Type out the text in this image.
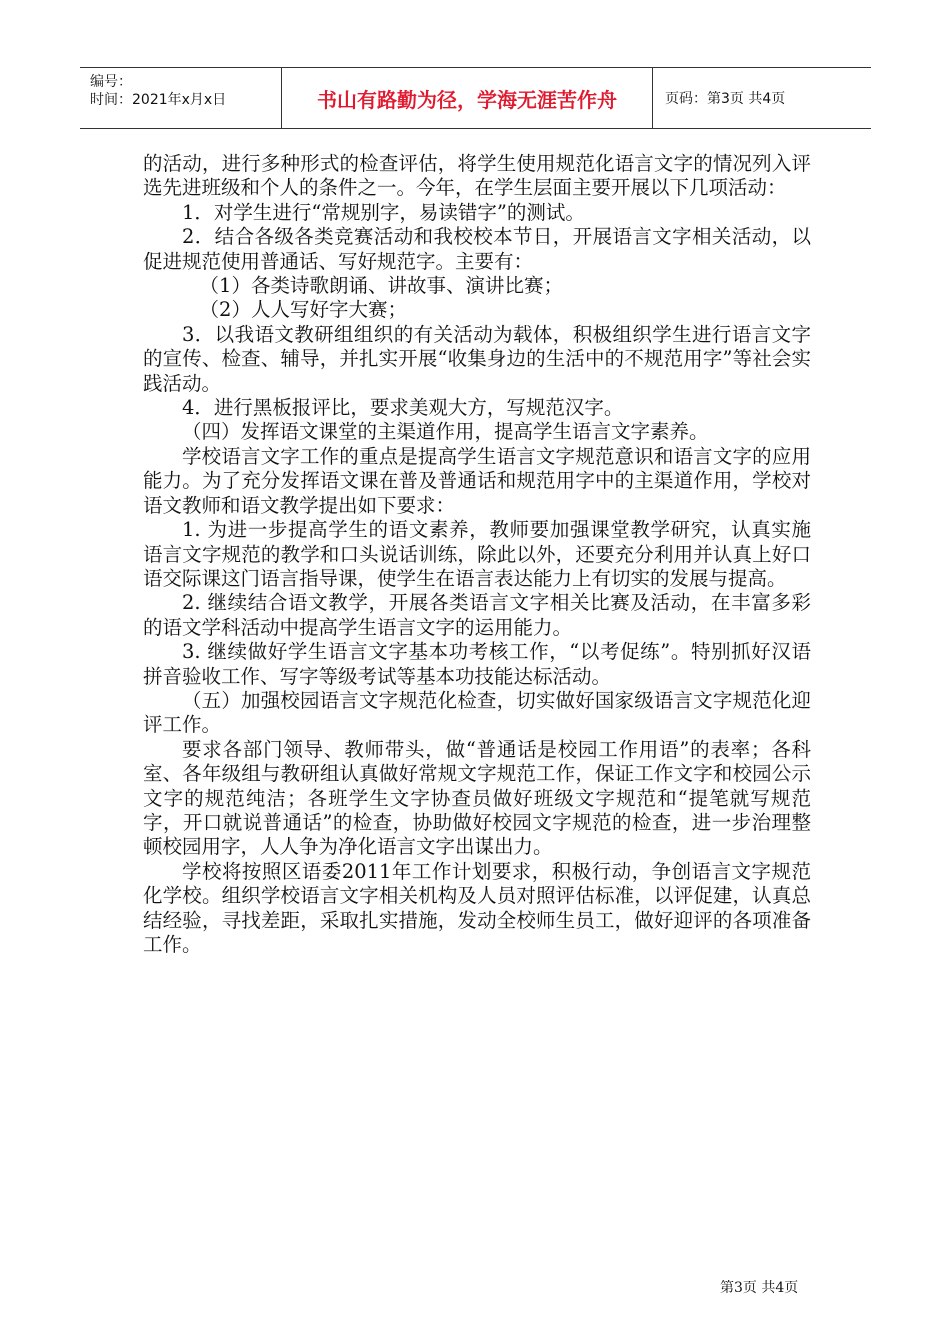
编号：
时间：2021年x月x日	书山有路勤为径，学海无涯苦作舟	页码：第3页 共4页

的活动，进行多种形式的检查评估，将学生使用规范化语言文字的情况列入评选先进班级和个人的条件之一。今年，在学生层面主要开展以下几项活动：

1．对学生进行“常规别字，易读错字”的测试。

2．结合各级各类竞赛活动和我校校本节日，开展语言文字相关活动，以促进规范使用普通话、写好规范字。主要有：

（1）各类诗歌朗诵、讲故事、演讲比赛；

（2）人人写好字大赛；

3．以我语文教研组组织的有关活动为载体，积极组织学生进行语言文字的宣传、检查、辅导，并扎实开展“收集身边的生活中的不规范用字”等社会实践活动。

4．进行黑板报评比，要求美观大方，写规范汉字。

（四）发挥语文课堂的主渠道作用，提高学生语言文字素养。

学校语言文字工作的重点是提高学生语言文字规范意识和语言文字的应用能力。为了充分发挥语文课在普及普通话和规范用字中的主渠道作用，学校对语文教师和语文教学提出如下要求：

1. 为进一步提高学生的语文素养，教师要加强课堂教学研究，认真实施语言文字规范的教学和口头说话训练，除此以外，还要充分利用并认真上好口语交际课这门语言指导课，使学生在语言表达能力上有切实的发展与提高。

2. 继续结合语文教学，开展各类语言文字相关比赛及活动，在丰富多彩的语文学科活动中提高学生语言文字的运用能力。

3. 继续做好学生语言文字基本功考核工作，“以考促练”。特别抓好汉语拼音验收工作、写字等级考试等基本功技能达标活动。

（五）加强校园语言文字规范化检查，切实做好国家级语言文字规范化迎评工作。

要求各部门领导、教师带头，做“普通话是校园工作用语”的表率；各科室、各年级组与教研组认真做好常规文字规范工作，保证工作文字和校园公示文字的规范纯洁；各班学生文字协查员做好班级文字规范和“提笔就写规范字，开口就说普通话”的检查，协助做好校园文字规范的检查，进一步治理整顿校园用字，人人争为净化语言文字出谋出力。

学校将按照区语委2011年工作计划要求，积极行动，争创语言文字规范化学校。组织学校语言文字相关机构及人员对照评估标准，以评促建，认真总结经验，寻找差距，采取扎实措施，发动全校师生员工，做好迎评的各项准备工作。

第3页 共4页
